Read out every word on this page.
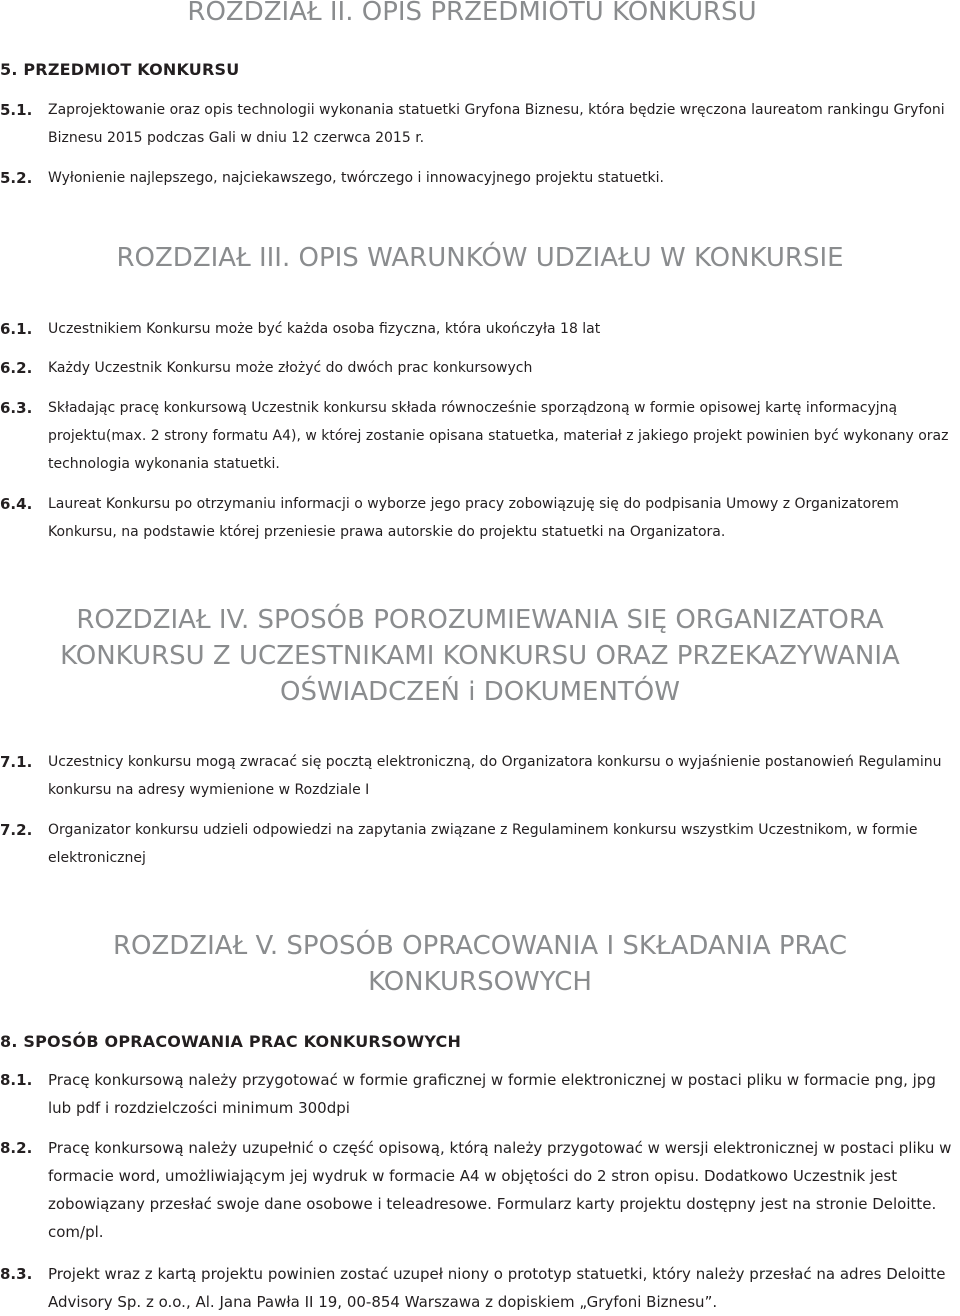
ROZDZIAŁ II. OPIS PRZEDMIOTU KONKURSU
5. PRZEDMIOT KONKURSU
5.1. Zaprojektowanie oraz opis technologii wykonania statuetki Gryfona Biznesu, która będzie wręczona laureatom rankingu Gryfoni Biznesu 2015 podczas Gali w dniu 12 czerwca 2015 r.
5.2. Wyłonienie najlepszego, najciekawszego, twórczego i innowacyjnego projektu statuetki.
ROZDZIAŁ III. OPIS WARUNKÓW UDZIAŁU W KONKURSIE
6.1. Uczestnikiem Konkursu może być każda osoba fizyczna, która ukończyła 18 lat
6.2. Każdy Uczestnik Konkursu może złożyć do dwóch prac konkursowych
6.3. Składając pracę konkursową Uczestnik konkursu składa równocześnie sporządzoną w formie opisowej kartę informacyjną projektu(max. 2 strony formatu A4), w której zostanie opisana statuetka, materiał z jakiego projekt powinien być wykonany oraz technologia wykonania statuetki.
6.4. Laureat Konkursu po otrzymaniu informacji o wyborze jego pracy zobowiązuję się do podpisania Umowy z Organizatorem Konkursu, na podstawie której przeniesie prawa autorskie do projektu statuetki na Organizatora.
ROZDZIAŁ IV. SPOSÓB POROZUMIEWANIA SIĘ ORGANIZATORA
KONKURSU Z UCZESTNIKAMI KONKURSU ORAZ PRZEKAZYWANIA
OŚWIADCZEŃ i DOKUMENTÓW
7.1. Uczestnicy konkursu mogą zwracać się pocztą elektroniczną, do Organizatora konkursu o wyjaśnienie postanowień Regulaminu konkursu na adresy wymienione w Rozdziale I
7.2. Organizator konkursu udzieli odpowiedzi na zapytania związane z Regulaminem konkursu wszystkim Uczestnikom, w formie elektronicznej
ROZDZIAŁ V. SPOSÓB OPRACOWANIA I SKŁADANIA PRAC
KONKURSOWYCH
8. SPOSÓB OPRACOWANIA PRAC KONKURSOWYCH
8.1. Pracę konkursową należy przygotować w formie graficznej w formie elektronicznej w postaci pliku w formacie png, jpg lub pdf i rozdzielczości minimum 300dpi
8.2. Pracę konkursową należy uzupełnić o część opisową, którą należy przygotować w wersji elektronicznej w postaci pliku w formacie word, umożliwiającym jej wydruk w formacie A4 w objętości do 2 stron opisu. Dodatkowo Uczestnik jest zobowiązany przesłać swoje dane osobowe i teleadresowe. Formularz karty projektu dostępny jest na stronie Deloitte. com/pl.
8.3. Projekt wraz z kartą projektu powinien zostać uzupeł niony o prototyp statuetki, który należy przesłać na adres Deloitte Advisory Sp. z o.o., Al. Jana Pawła II 19, 00-854 Warszawa z dopiskiem „Gryfoni Biznesu”.
